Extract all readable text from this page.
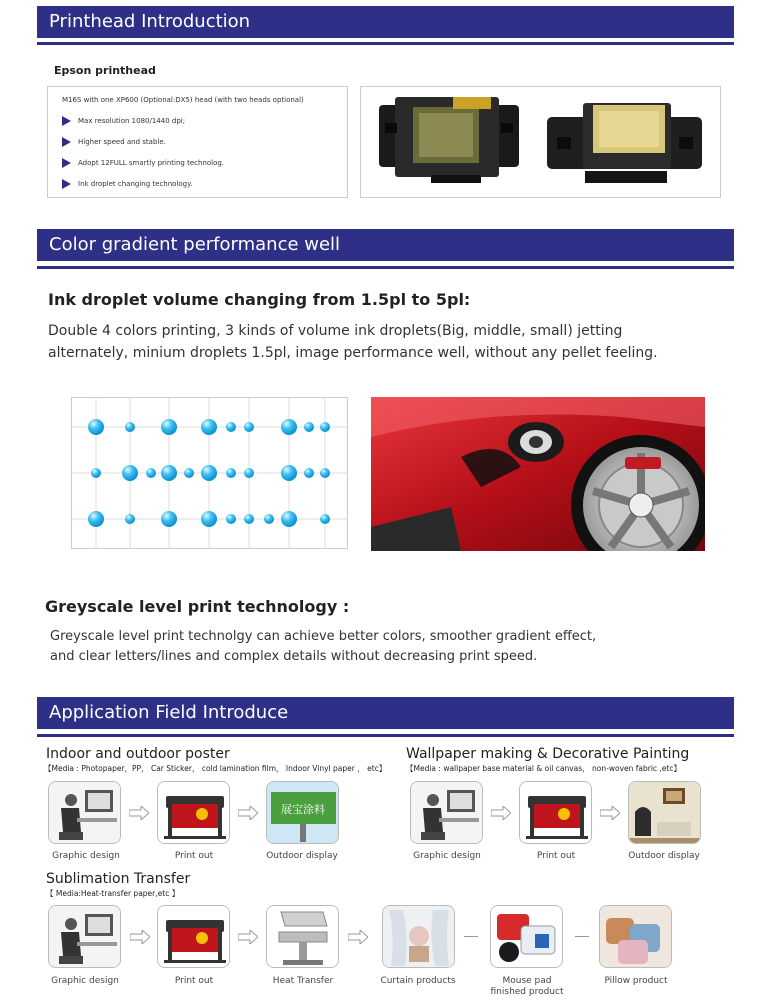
Printhead Introduction
Epson printhead
M16S with one XP600 (Optional:DX5) head (with two heads optional)
Max resolution 1080/1440 dpi;
Higher speed and stable.
Adopt 12FULL smartly printing technolog.
Ink droplet changing technology.
Color gradient performance well
Ink droplet volume changing from 1.5pl to 5pl:
Double 4 colors printing, 3 kinds of volume ink droplets(Big, middle, small) jetting
alternately, minium droplets 1.5pl, image performance well, without any pellet feeling.
Greyscale level print technology :
Greyscale level print technolgy can achieve better colors, smoother gradient effect,
and clear letters/lines and complex details without decreasing print speed.
Application Field Introduce
Indoor and outdoor poster
【Media : Photopaper，PP， Car Sticker， cold lamination film， Indoor Vinyl paper ， etc】
展宝涂料
Graphic design	Print out	Outdoor display
Wallpaper making & Decorative Painting
【Media : wallpaper base material & oil canvas， non-woven fabric ,etc】
Graphic design	Print out	Outdoor display
Sublimation Transfer
【 Media:Heat-transfer paper,etc 】
Graphic design	Print out	Heat Transfer	Curtain products	Mouse pad
finished product
Pillow product
